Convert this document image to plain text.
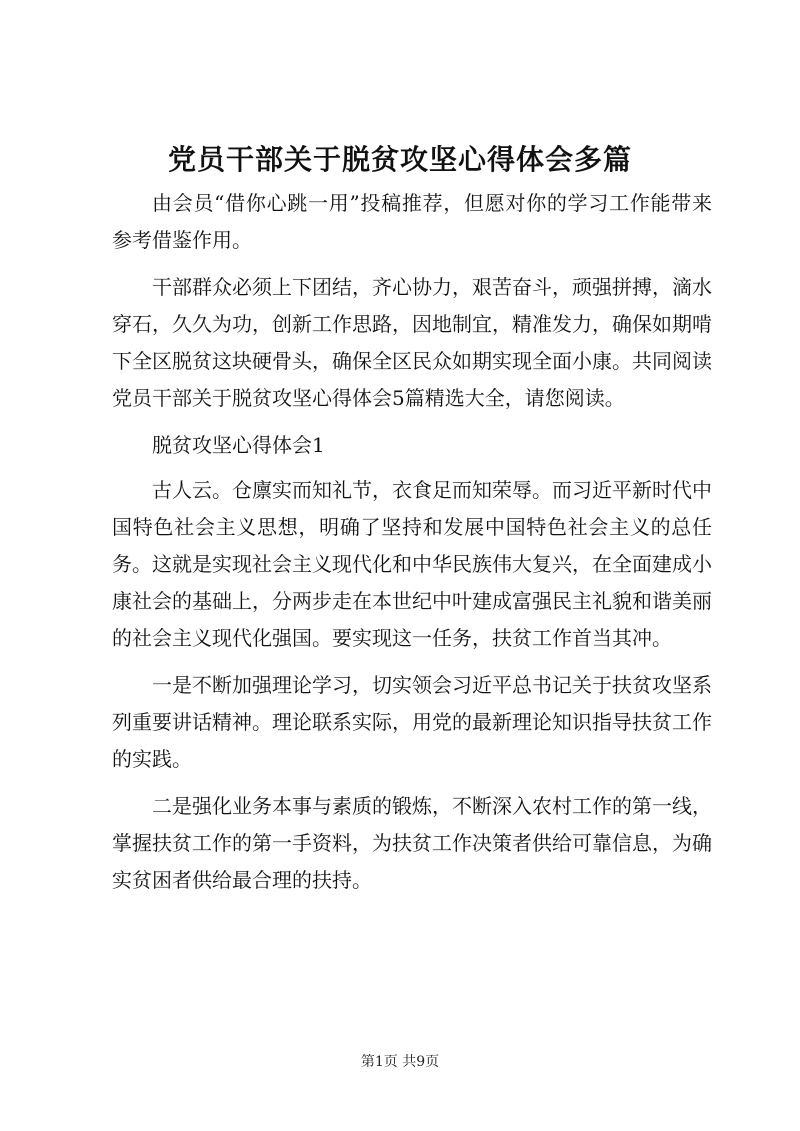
党员干部关于脱贫攻坚心得体会多篇

由会员“借你心跳一用”投稿推荐，但愿对你的学习工作能带来参考借鉴作用。

干部群众必须上下团结，齐心协力，艰苦奋斗，顽强拼搏，滴水穿石，久久为功，创新工作思路，因地制宜，精准发力，确保如期啃下全区脱贫这块硬骨头，确保全区民众如期实现全面小康。共同阅读党员干部关于脱贫攻坚心得体会5篇精选大全，请您阅读。

脱贫攻坚心得体会1

古人云。仓廪实而知礼节，衣食足而知荣辱。而习近平新时代中国特色社会主义思想，明确了坚持和发展中国特色社会主义的总任务。这就是实现社会主义现代化和中华民族伟大复兴，在全面建成小康社会的基础上，分两步走在本世纪中叶建成富强民主礼貌和谐美丽的社会主义现代化强国。要实现这一任务，扶贫工作首当其冲。

一是不断加强理论学习，切实领会习近平总书记关于扶贫攻坚系列重要讲话精神。理论联系实际，用党的最新理论知识指导扶贫工作的实践。

二是强化业务本事与素质的锻炼，不断深入农村工作的第一线，掌握扶贫工作的第一手资料，为扶贫工作决策者供给可靠信息，为确实贫困者供给最合理的扶持。

第1页 共9页
